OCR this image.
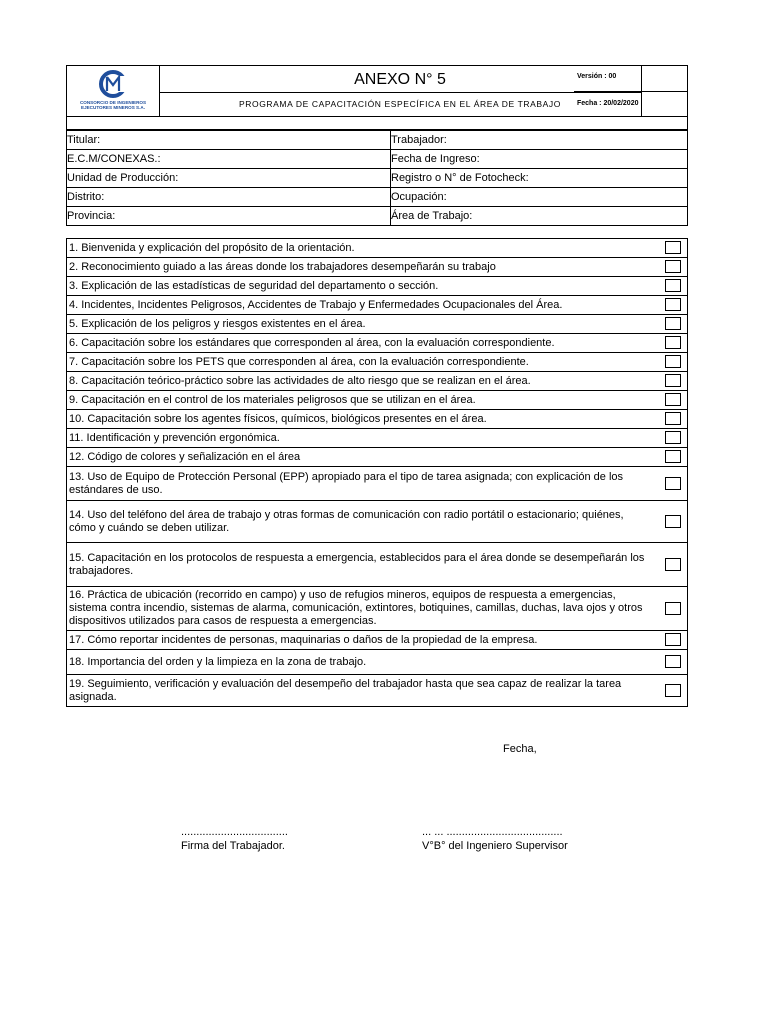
CONSORCIO DE INGENIEROS
EJECUTORES MINEROS S.A.
ANEXO N° 5
PROGRAMA DE CAPACITACIÓN ESPECÍFICA EN EL ÁREA DE TRABAJO
Versión : 00
Fecha : 20/02/2020
Titular:	Trabajador:
E.C.M/CONEXAS.:	Fecha de Ingreso:
Unidad de Producción:	Registro o N° de Fotocheck:
Distrito:	Ocupación:
Provincia:	Área de Trabajo:
1. Bienvenida y explicación del propósito de la orientación.	
2. Reconocimiento guiado a las áreas donde los trabajadores desempeñarán su trabajo	
3. Explicación de las estadísticas de seguridad del departamento o sección.	
4. Incidentes, Incidentes Peligrosos, Accidentes de Trabajo y Enfermedades Ocupacionales del Área.	
5. Explicación de los peligros y riesgos existentes en el área.	
6. Capacitación sobre los estándares que corresponden al área, con la evaluación correspondiente.	
7. Capacitación sobre los PETS que corresponden al área, con la evaluación correspondiente.	
8. Capacitación teórico-práctico sobre las actividades de alto riesgo que se realizan en el área.	
9. Capacitación en el control de los materiales peligrosos que se utilizan en el área.	
10. Capacitación sobre los agentes físicos, químicos, biológicos presentes en el área.	
11. Identificación y prevención ergonómica.	
12. Código de colores y señalización en el área	
13. Uso de Equipo de Protección Personal (EPP) apropiado para el tipo de tarea asignada; con explicación de los estándares de uso.	
14. Uso del teléfono del área de trabajo y otras formas de comunicación con radio portátil o estacionario; quiénes, cómo y cuándo se deben utilizar.	
15. Capacitación en los protocolos de respuesta a emergencia, establecidos para el área donde se desempeñarán los trabajadores.	
16. Práctica de ubicación (recorrido en campo) y uso de refugios mineros, equipos de respuesta a emergencias, sistema contra incendio, sistemas de alarma, comunicación, extintores, botiquines, camillas, duchas, lava ojos y otros dispositivos utilizados para casos de respuesta a emergencias.	
17. Cómo reportar incidentes de personas, maquinarias o daños de la propiedad de la empresa.	
18. Importancia del orden y la limpieza en la zona de trabajo.	
19. Seguimiento, verificación y evaluación del desempeño del trabajador hasta que sea capaz de realizar la tarea asignada.	
Fecha,
...................................	... ... ......................................
Firma del Trabajador.	V°B° del Ingeniero Supervisor
